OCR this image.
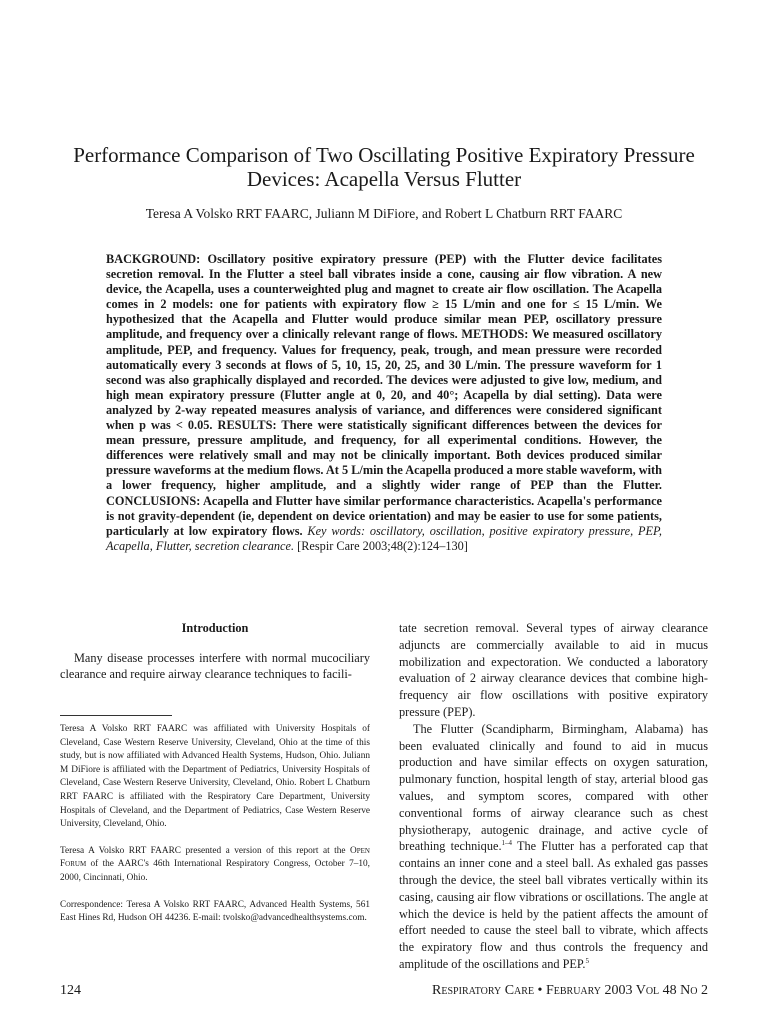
Performance Comparison of Two Oscillating Positive Expiratory Pressure Devices: Acapella Versus Flutter
Teresa A Volsko RRT FAARC, Juliann M DiFiore, and Robert L Chatburn RRT FAARC
BACKGROUND: Oscillatory positive expiratory pressure (PEP) with the Flutter device facilitates secretion removal. In the Flutter a steel ball vibrates inside a cone, causing air flow vibration. A new device, the Acapella, uses a counterweighted plug and magnet to create air flow oscillation. The Acapella comes in 2 models: one for patients with expiratory flow ≥ 15 L/min and one for ≤ 15 L/min. We hypothesized that the Acapella and Flutter would produce similar mean PEP, oscillatory pressure amplitude, and frequency over a clinically relevant range of flows. METHODS: We measured oscillatory amplitude, PEP, and frequency. Values for frequency, peak, trough, and mean pressure were recorded automatically every 3 seconds at flows of 5, 10, 15, 20, 25, and 30 L/min. The pressure waveform for 1 second was also graphically displayed and recorded. The devices were adjusted to give low, medium, and high mean expiratory pressure (Flutter angle at 0, 20, and 40°; Acapella by dial setting). Data were analyzed by 2-way repeated measures analysis of variance, and differences were considered significant when p was < 0.05. RESULTS: There were statistically significant differences between the devices for mean pressure, pressure amplitude, and frequency, for all experimental conditions. However, the differences were relatively small and may not be clinically important. Both devices produced similar pressure waveforms at the medium flows. At 5 L/min the Acapella produced a more stable waveform, with a lower frequency, higher amplitude, and a slightly wider range of PEP than the Flutter. CONCLUSIONS: Acapella and Flutter have similar performance characteristics. Acapella's performance is not gravity-dependent (ie, dependent on device orientation) and may be easier to use for some patients, particularly at low expiratory flows. Key words: oscillatory, oscillation, positive expiratory pressure, PEP, Acapella, Flutter, secretion clearance. [Respir Care 2003;48(2):124–130]
Introduction

Many disease processes interfere with normal mucociliary clearance and require airway clearance techniques to facili-

Teresa A Volsko RRT FAARC was affiliated with University Hospitals of Cleveland, Case Western Reserve University, Cleveland, Ohio at the time of this study, but is now affiliated with Advanced Health Systems, Hudson, Ohio. Juliann M DiFiore is affiliated with the Department of Pediatrics, University Hospitals of Cleveland, Case Western Reserve University, Cleveland, Ohio. Robert L Chatburn RRT FAARC is affiliated with the Respiratory Care Department, University Hospitals of Cleveland, and the Department of Pediatrics, Case Western Reserve University, Cleveland, Ohio.

Teresa A Volsko RRT FAARC presented a version of this report at the Open Forum of the AARC's 46th International Respiratory Congress, October 7–10, 2000, Cincinnati, Ohio.

Correspondence: Teresa A Volsko RRT FAARC, Advanced Health Systems, 561 East Hines Rd, Hudson OH 44236. E-mail: tvolsko@advancedhealthsystems.com.

tate secretion removal. Several types of airway clearance adjuncts are commercially available to aid in mucus mobilization and expectoration. We conducted a laboratory evaluation of 2 airway clearance devices that combine high-frequency air flow oscillations with positive expiratory pressure (PEP).

The Flutter (Scandipharm, Birmingham, Alabama) has been evaluated clinically and found to aid in mucus production and have similar effects on oxygen saturation, pulmonary function, hospital length of stay, arterial blood gas values, and symptom scores, compared with other conventional forms of airway clearance such as chest physiotherapy, autogenic drainage, and active cycle of breathing technique.$^{1-4}$ The Flutter has a perforated cap that contains an inner cone and a steel ball. As exhaled gas passes through the device, the steel ball vibrates vertically within its casing, causing air flow vibrations or oscillations. The angle at which the device is held by the patient affects the amount of effort needed to cause the steel ball to vibrate, which affects the expiratory flow and thus controls the frequency and amplitude of the oscillations and PEP.$^5$

124	Respiratory Care • February 2003 Vol 48 No 2
